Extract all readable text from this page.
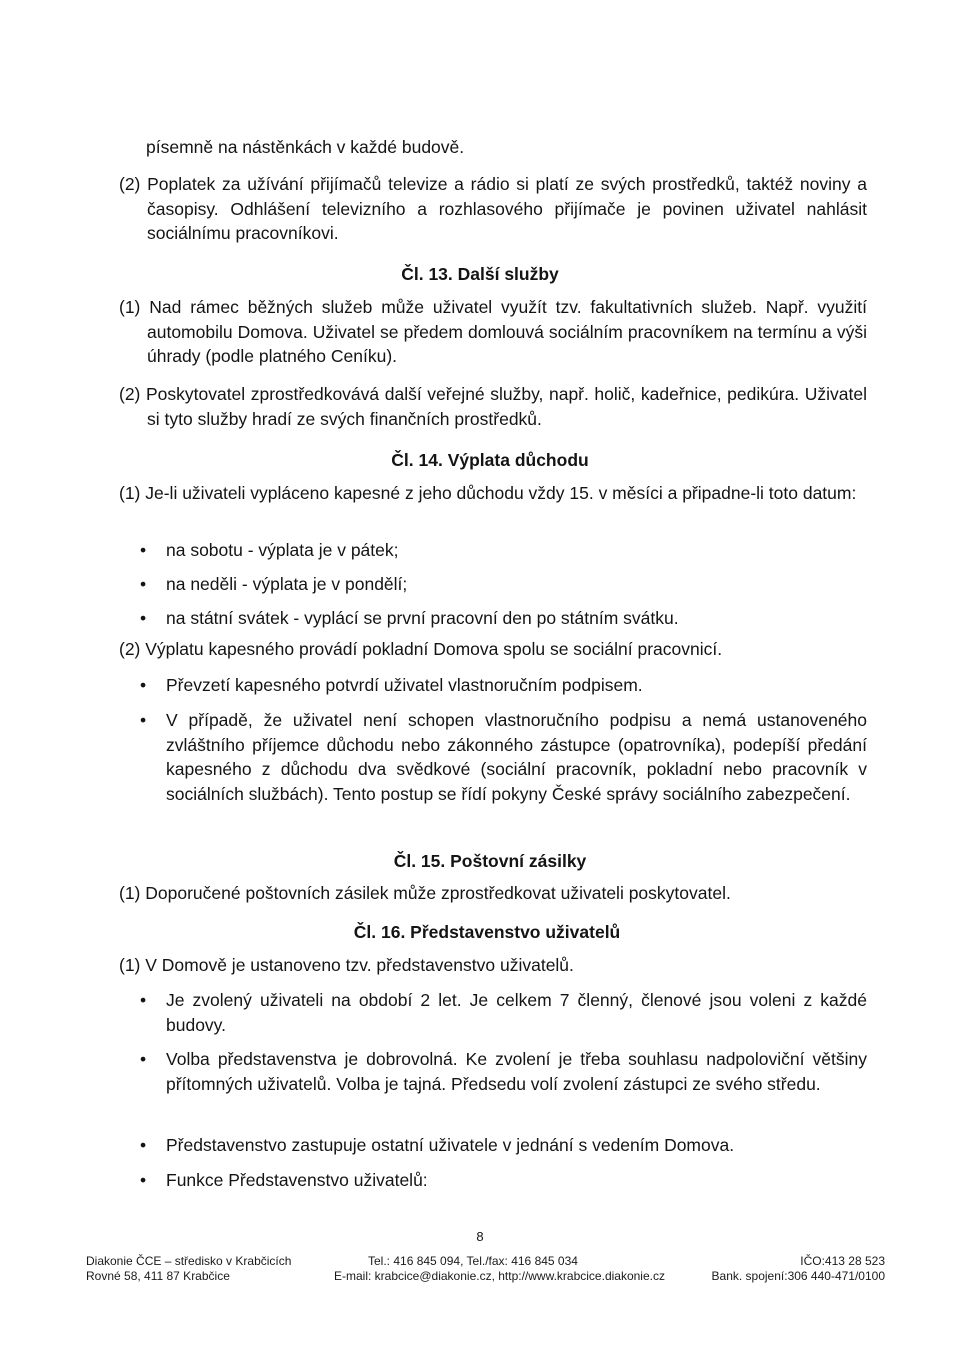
písemně na nástěnkách v každé budově.
(2) Poplatek za užívání přijímačů televize a rádio si platí ze svých prostředků, taktéž noviny a časopisy. Odhlášení televizního a rozhlasového přijímače je povinen uživatel nahlásit sociálnímu pracovníkovi.
Čl. 13. Další služby
(1) Nad rámec běžných služeb může uživatel využít tzv. fakultativních služeb. Např. využití automobilu Domova. Uživatel se předem domlouvá sociálním pracovníkem na termínu a výši úhrady (podle platného Ceníku).
(2) Poskytovatel zprostředkovává další veřejné služby, např. holič, kadeřnice, pedikúra. Uživatel si tyto služby hradí ze svých finančních prostředků.
Čl. 14. Výplata důchodu
(1) Je-li uživateli vypláceno kapesné z jeho důchodu vždy 15. v měsíci a připadne-li toto datum:
• na sobotu - výplata je v pátek;
• na neděli - výplata je v pondělí;
• na státní svátek - vyplácí se první pracovní den po státním svátku.
(2) Výplatu kapesného provádí pokladní Domova spolu se sociální pracovnicí.
• Převzetí kapesného potvrdí uživatel vlastnoručním podpisem.
• V případě, že uživatel není schopen vlastnoručního podpisu a nemá ustanoveného zvláštního příjemce důchodu nebo zákonného zástupce (opatrovníka), podepíší předání kapesného z důchodu dva svědkové (sociální pracovník, pokladní nebo pracovník v sociálních službách). Tento postup se řídí pokyny České správy sociálního zabezpečení.
Čl. 15. Poštovní zásilky
(1) Doporučené poštovních zásilek může zprostředkovat uživateli poskytovatel.
Čl. 16. Představenstvo uživatelů
(1) V Domově je ustanoveno tzv. představenstvo uživatelů.
• Je zvolený uživateli na období 2 let. Je celkem 7 členný, členové jsou voleni z každé budovy.
• Volba představenstva je dobrovolná. Ke zvolení je třeba souhlasu nadpoloviční většiny přítomných uživatelů. Volba je tajná. Předsedu volí zvolení zástupci ze svého středu.
• Představenstvo zastupuje ostatní uživatele v jednání s vedením Domova.
• Funkce Představenstvo uživatelů:
8
Diakonie ČCE – středisko v Krabčicích
Rovné 58, 411 87 Krabčice
Tel.: 416 845 094, Tel./fax: 416 845 034
E-mail: krabcice@diakonie.cz, http://www.krabcice.diakonie.cz
IČO:413 28 523
Bank. spojení:306 440-471/0100
